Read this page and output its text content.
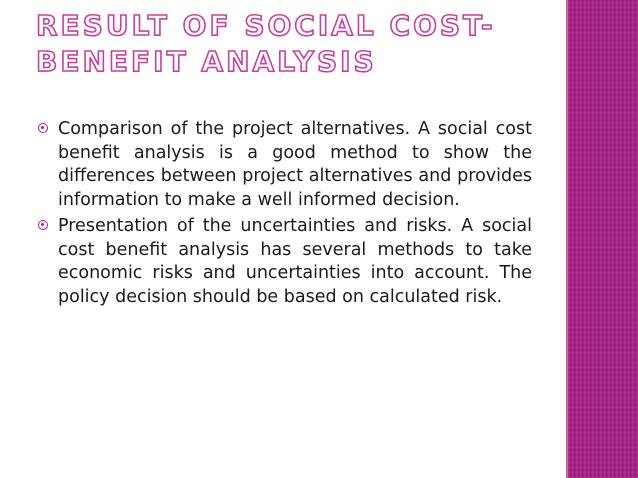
RESULT OF SOCIAL COST- BENEFIT ANALYSIS
Comparison of the project alternatives. A social cost benefit analysis is a good method to show the differences between project alternatives and provides information to make a well informed decision.
Presentation of the uncertainties and risks. A social cost benefit analysis has several methods to take economic risks and uncertainties into account. The policy decision should be based on calculated risk.
